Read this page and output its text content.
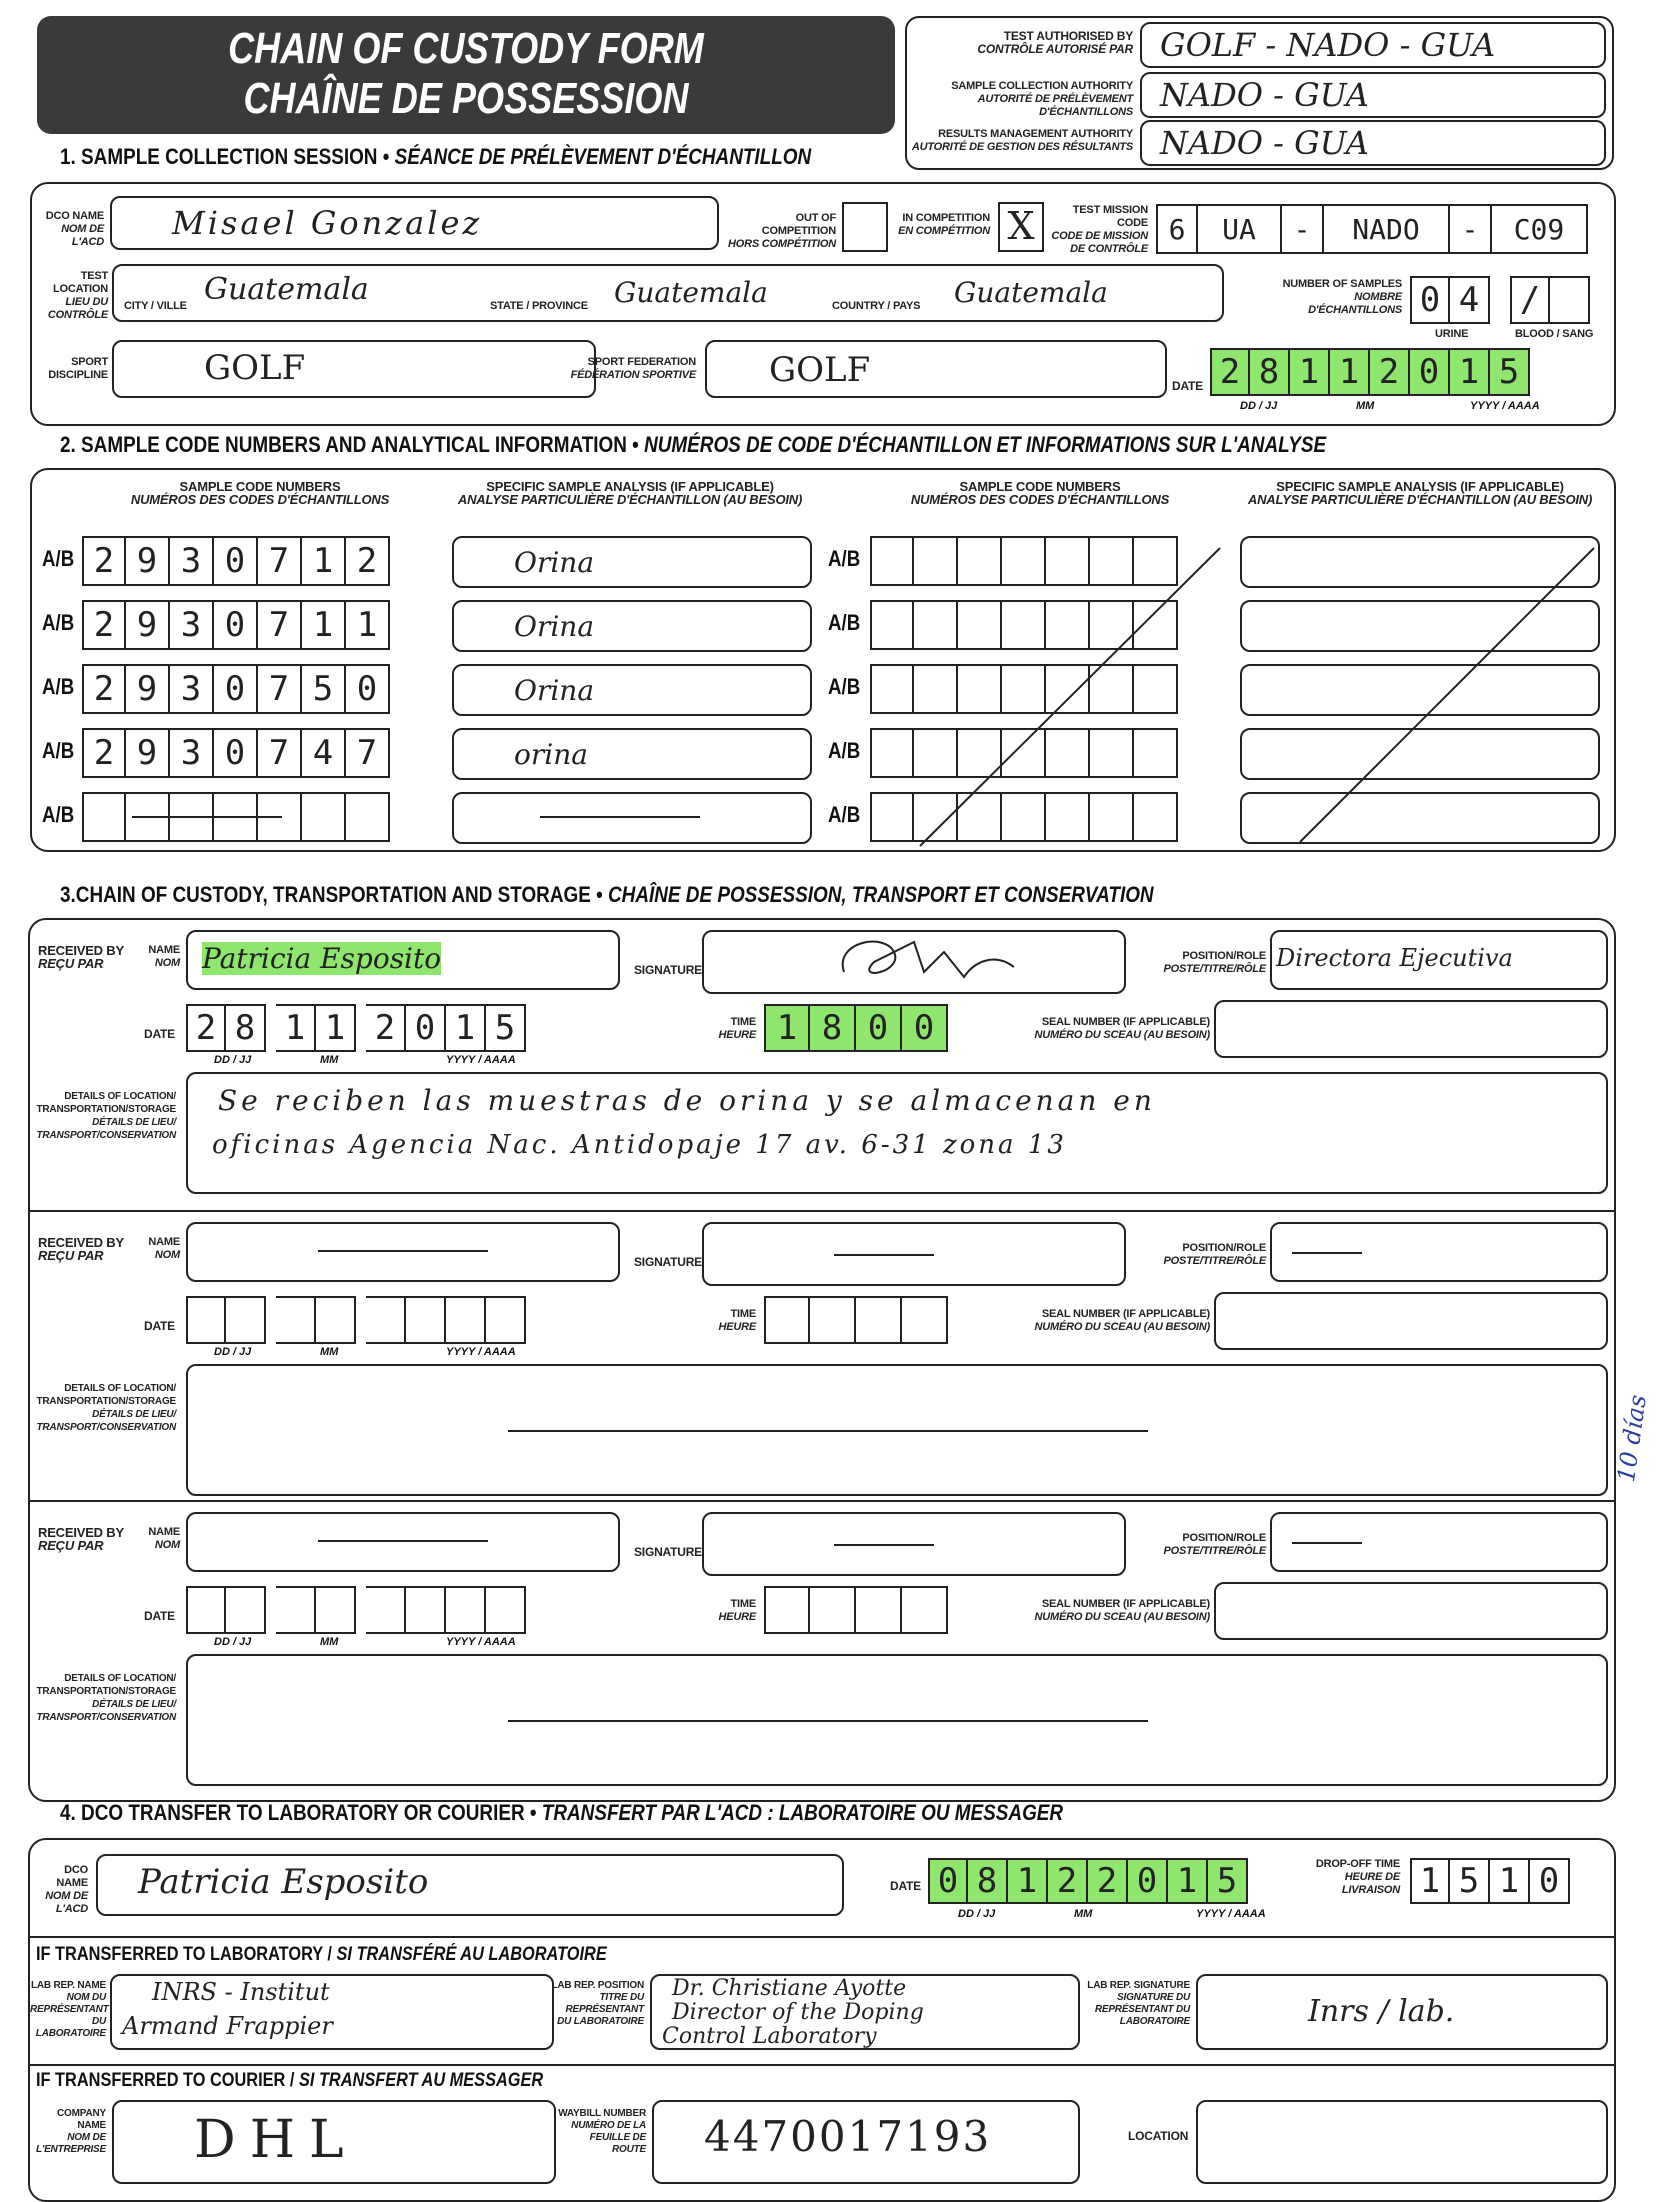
CHAIN OF CUSTODY FORM
CHAÎNE DE POSSESSION
TEST AUTHORISED BY
CONTRÔLE AUTORISÉ PAR GOLF - NADO - GUA
SAMPLE COLLECTION AUTHORITY
AUTORITÉ DE PRÉLÈVEMENT D'ÉCHANTILLONS NADO - GUA
RESULTS MANAGEMENT AUTHORITY
AUTORITÉ DE GESTION DES RÉSULTANTS NADO - GUA
1. SAMPLE COLLECTION SESSION • SÉANCE DE PRÉLÈVEMENT D'ÉCHANTILLON
DCO NAME
NOM DE L'ACD Misael Gonzalez	OUT OF COMPETITION
HORS COMPÉTITION
IN COMPETITION
EN COMPÉTITION X	TEST MISSION CODE
CODE DE MISSION DE CONTRÔLE
6	UA	-	NADO	-	C09
TEST LOCATION
LIEU DU CONTRÔLE
CITY / VILLE Guatemala	STATE / PROVINCE Guatemala	COUNTRY / PAYS Guatemala	NUMBER OF SAMPLES
NOMBRE D'ÉCHANTILLONS 0 4	/
URINE	BLOOD / SANG
SPORT DISCIPLINE	GOLF	SPORT FEDERATION
FÉDÉRATION SPORTIVE GOLF	DATE 2 8 1 1 2 0 1 5
DD / JJ	MM	YYYY / AAAA
2. SAMPLE CODE NUMBERS AND ANALYTICAL INFORMATION • NUMÉROS DE CODE D'ÉCHANTILLON ET INFORMATIONS SUR L'ANALYSE
SAMPLE CODE NUMBERS
NUMÉROS DES CODES D'ÉCHANTILLONS
SPECIFIC SAMPLE ANALYSIS (IF APPLICABLE)
ANALYSE PARTICULIÈRE D'ÉCHANTILLON (AU BESOIN)
SAMPLE CODE NUMBERS
NUMÉROS DES CODES D'ÉCHANTILLONS
SPECIFIC SAMPLE ANALYSIS (IF APPLICABLE)
ANALYSE PARTICULIÈRE D'ÉCHANTILLON (AU BESOIN)
A/B 2 9 3 0 7 1 2	Orina	A/B
A/B 2 9 3 0 7 1 1	Orina	A/B
A/B 2 9 3 0 7 5 0	Orina	A/B
A/B 2 9 3 0 7 4 7	orina	A/B
A/B	A/B
3.CHAIN OF CUSTODY, TRANSPORTATION AND STORAGE • CHAÎNE DE POSSESSION, TRANSPORT ET CONSERVATION
RECEIVED BY
REÇU PAR
NAME
NOM Patricia Esposito	SIGNATURE
POSITION/ROLE
POSTE/TITRE/RÔLE Directora Ejecutiva
DATE 2 8 1 1 2 0 1 5
DD / JJ	MM	YYYY / AAAA
TIME
HEURE 1 8 0 0	SEAL NUMBER (IF APPLICABLE)
NUMÉRO DU SCEAU (AU BESOIN)
DETAILS OF LOCATION/ TRANSPORTATION/STORAGE
DÉTAILS DE LIEU/ TRANSPORT/CONSERVATION
Se reciben las muestras de orina y se almacenan en
oficinas Agencia Nac. Antidopaje 17 av. 6-31 zona 13
RECEIVED BY
REÇU PAR
NAME
NOM	SIGNATURE
POSITION/ROLE
POSTE/TITRE/RÔLE
DATE
DD / JJ	MM	YYYY / AAAA
TIME
HEURE
SEAL NUMBER (IF APPLICABLE)
NUMÉRO DU SCEAU (AU BESOIN)
DETAILS OF LOCATION/ TRANSPORTATION/STORAGE
DÉTAILS DE LIEU/ TRANSPORT/CONSERVATION
RECEIVED BY
REÇU PAR
NAME
NOM	SIGNATURE
POSITION/ROLE
POSTE/TITRE/RÔLE
DATE
DD / JJ	MM	YYYY / AAAA
TIME
HEURE
SEAL NUMBER (IF APPLICABLE)
NUMÉRO DU SCEAU (AU BESOIN)
DETAILS OF LOCATION/ TRANSPORTATION/STORAGE
DÉTAILS DE LIEU/ TRANSPORT/CONSERVATION
10 días
4. DCO TRANSFER TO LABORATORY OR COURIER • TRANSFERT PAR L'ACD : LABORATOIRE OU MESSAGER
DCO NAME
NOM DE L'ACD
Patricia Esposito	DATE 0 8 1 2 2 0 1 5
DD / JJ	MM	YYYY / AAAA
DROP-OFF TIME
HEURE DE LIVRAISON 1 5 1 0
IF TRANSFERRED TO LABORATORY / SI TRANSFÉRÉ AU LABORATOIRE
LAB REP. NAME
NOM DU REPRÉSENTANT DU LABORATOIRE
INRS - Institut
Armand Frappier
LAB REP. POSITION
TITRE DU REPRÉSENTANT DU LABORATOIRE
Dr. Christiane Ayotte
Director of the Doping
Control Laboratory
LAB REP. SIGNATURE
SIGNATURE DU REPRÉSENTANT DU LABORATOIRE	Inrs / lab.
IF TRANSFERRED TO COURIER / SI TRANSFERT AU MESSAGER
COMPANY NAME
NOM DE L'ENTREPRISE DHL	WAYBILL NUMBER
NUMÉRO DE LA FEUILLE DE ROUTE 4470017193	LOCATION
